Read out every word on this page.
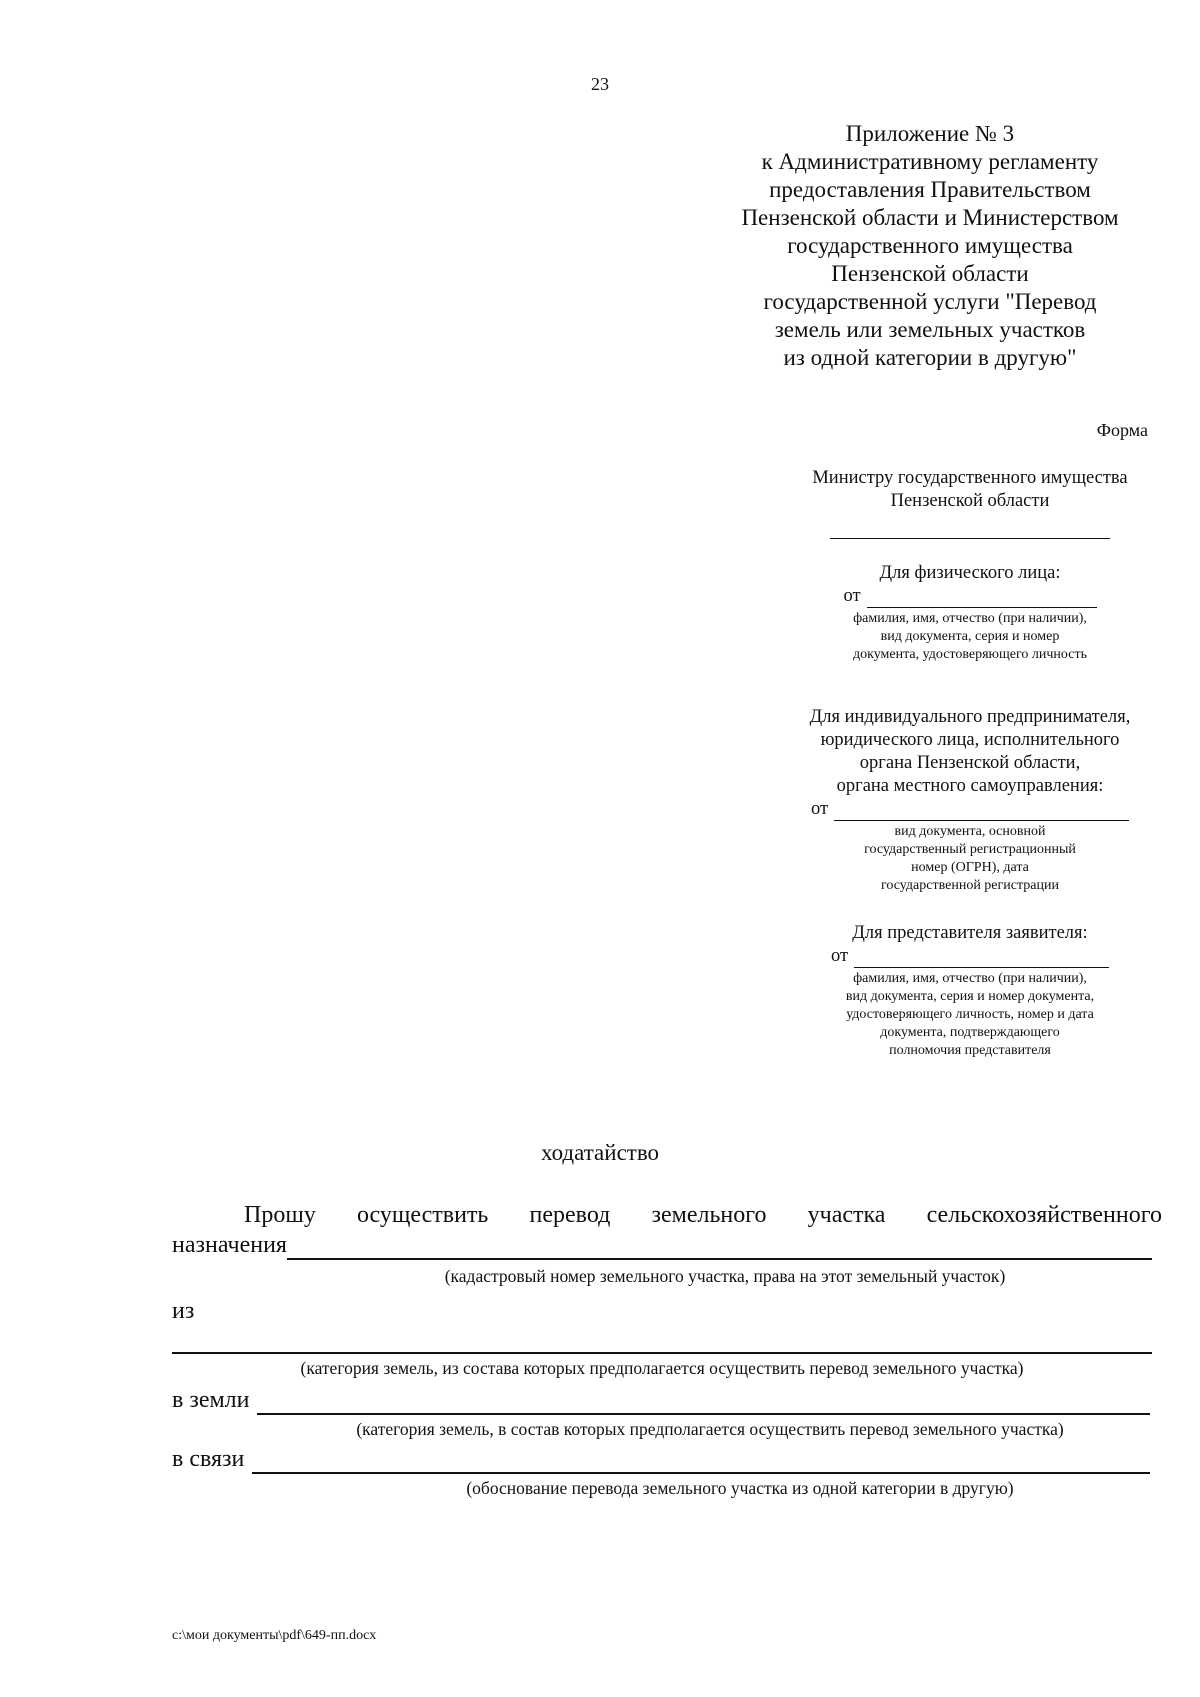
23
Приложение № 3
к Административному регламенту
предоставления Правительством
Пензенской области и Министерством
государственного имущества
Пензенской области
государственной услуги "Перевод
земель или земельных участков
из одной категории в другую"
Форма
Министру государственного имущества
Пензенской области
Для физического лица:
от
фамилия, имя, отчество (при наличии),
вид документа, серия и номер
документа, удостоверяющего личность
Для индивидуального предпринимателя,
юридического лица, исполнительного
органа Пензенской области,
органа местного самоуправления:
от
вид документа, основной
государственный регистрационный
номер (ОГРН), дата
государственной регистрации
Для представителя заявителя:
от
фамилия, имя, отчество (при наличии),
вид документа, серия и номер документа,
удостоверяющего личность, номер и дата
документа, подтверждающего
полномочия представителя
ходатайство
Прошу осуществить перевод земельного участка сельскохозяйственного
назначения
(кадастровый номер земельного участка, права на этот земельный участок)
из
(категория земель, из состава которых предполагается осуществить перевод земельного участка)
в земли
(категория земель, в состав которых предполагается осуществить перевод земельного участка)
в связи
(обоснование перевода земельного участка из одной категории в другую)
c:\мои документы\pdf\649-пп.docx
